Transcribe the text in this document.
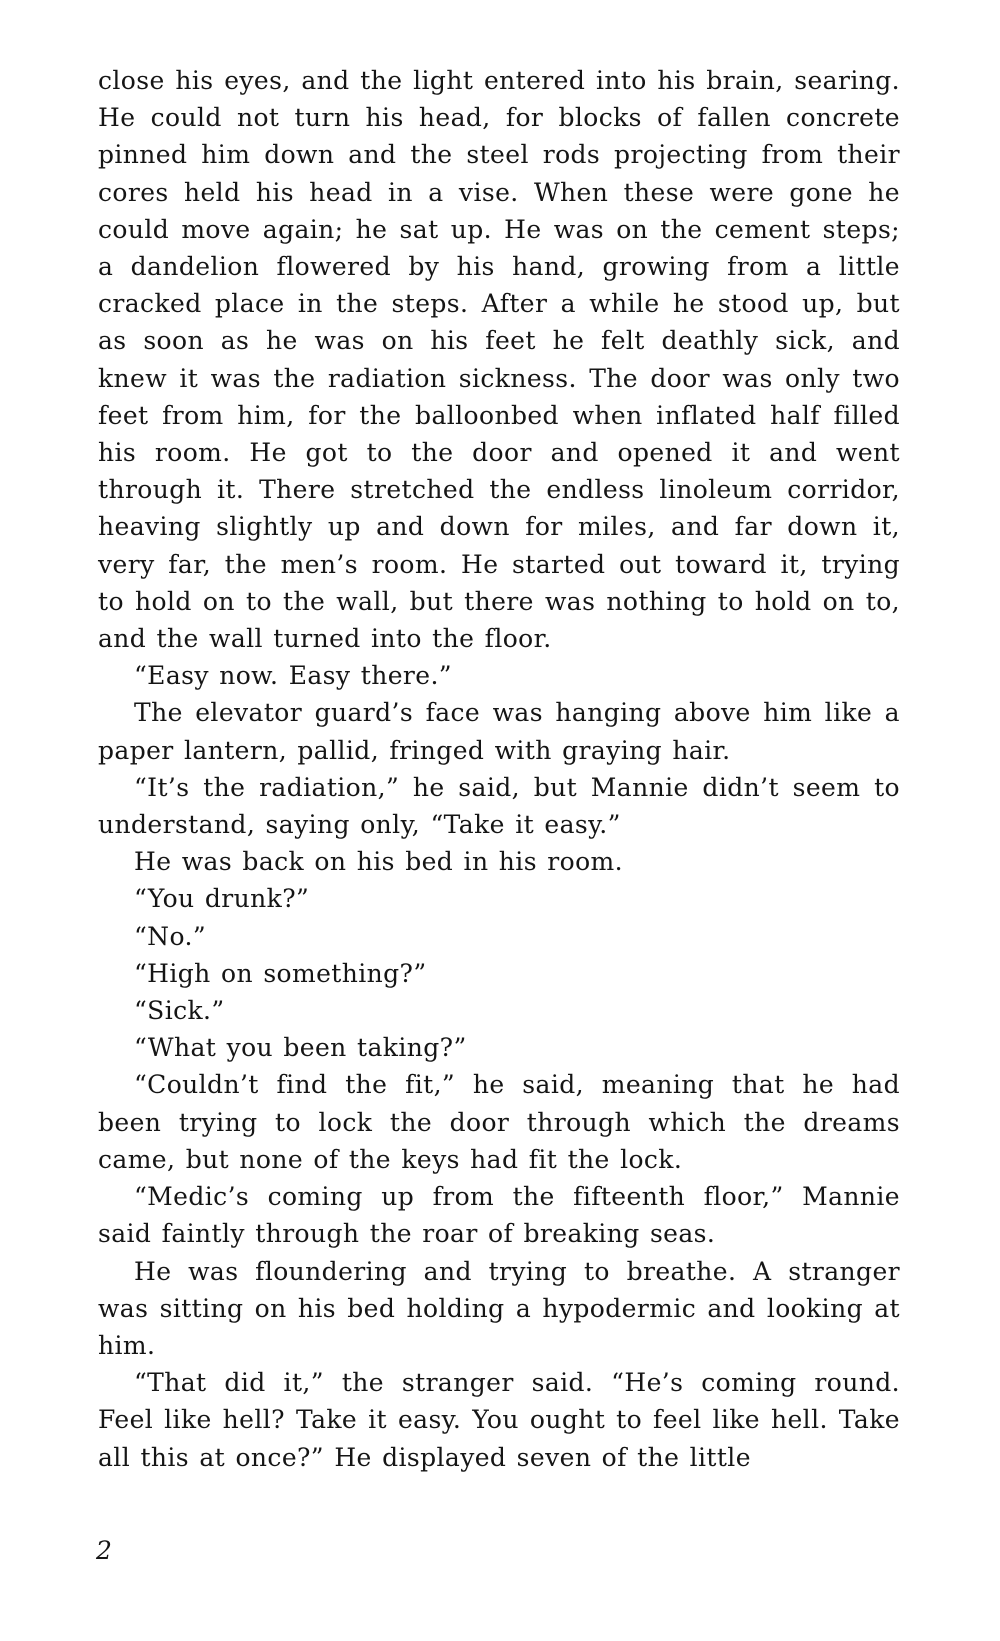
close his eyes, and the light entered into his brain, searing. He could not turn his head, for blocks of fallen concrete pinned him down and the steel rods projecting from their cores held his head in a vise. When these were gone he could move again; he sat up. He was on the cement steps; a dandelion flowered by his hand, growing from a little cracked place in the steps. After a while he stood up, but as soon as he was on his feet he felt deathly sick, and knew it was the radiation sickness. The door was only two feet from him, for the balloonbed when inflated half filled his room. He got to the door and opened it and went through it. There stretched the endless linoleum corridor, heaving slightly up and down for miles, and far down it, very far, the men’s room. He started out toward it, trying to hold on to the wall, but there was nothing to hold on to, and the wall turned into the floor.

“Easy now. Easy there.”

The elevator guard’s face was hanging above him like a paper lantern, pallid, fringed with graying hair.

“It’s the radiation,” he said, but Mannie didn’t seem to understand, saying only, “Take it easy.”

He was back on his bed in his room.

“You drunk?”

“No.”

“High on something?”

“Sick.”

“What you been taking?”

“Couldn’t find the fit,” he said, meaning that he had been trying to lock the door through which the dreams came, but none of the keys had fit the lock.

“Medic’s coming up from the fifteenth floor,” Mannie said faintly through the roar of breaking seas.

He was floundering and trying to breathe. A stranger was sitting on his bed holding a hypodermic and looking at him.

“That did it,” the stranger said. “He’s coming round. Feel like hell? Take it easy. You ought to feel like hell. Take all this at once?” He displayed seven of the little

2
